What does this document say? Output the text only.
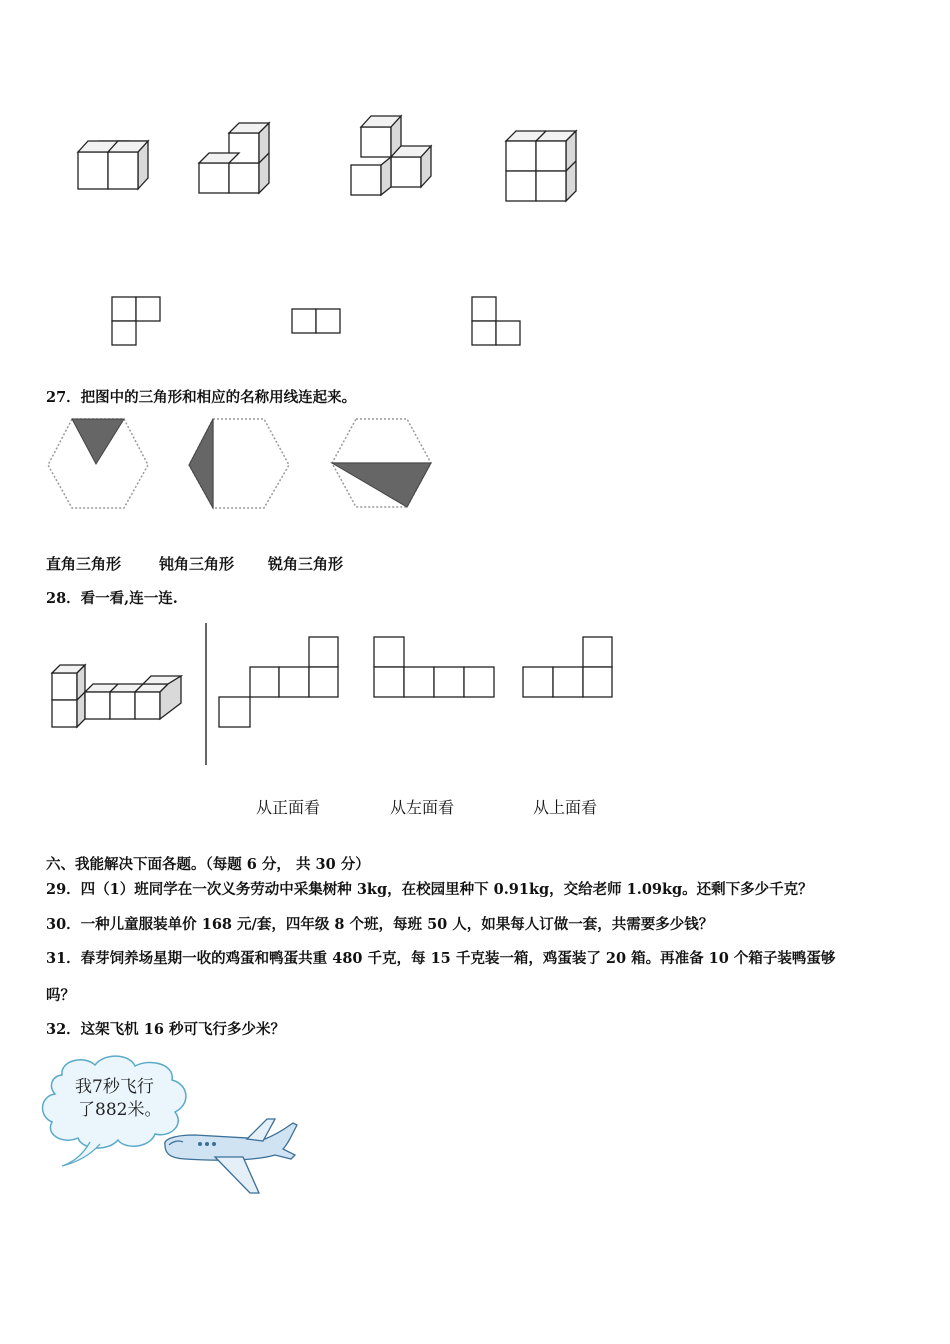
27．把图中的三角形和相应的名称用线连起来。
直角三角形	钝角三角形 锐角三角形
28．看一看,连一连.
从正面看	从左面看	从上面看
六、我能解决下面各题。（每题 6 分， 共 30 分）
29．四（1）班同学在一次义务劳动中采集树种 3kg，在校园里种下 0.91kg，交给老师 1.09kg。还剩下多少千克？
30．一种儿童服装单价 168 元/套，四年级 8 个班，每班 50 人，如果每人订做一套，共需要多少钱？
31．春芽饲养场星期一收的鸡蛋和鸭蛋共重 480 千克，每 15 千克装一箱，鸡蛋装了 20 箱。再准备 10 个箱子装鸭蛋够
吗？
32．这架飞机 16 秒可飞行多少米？
我7秒飞行
了882米。
